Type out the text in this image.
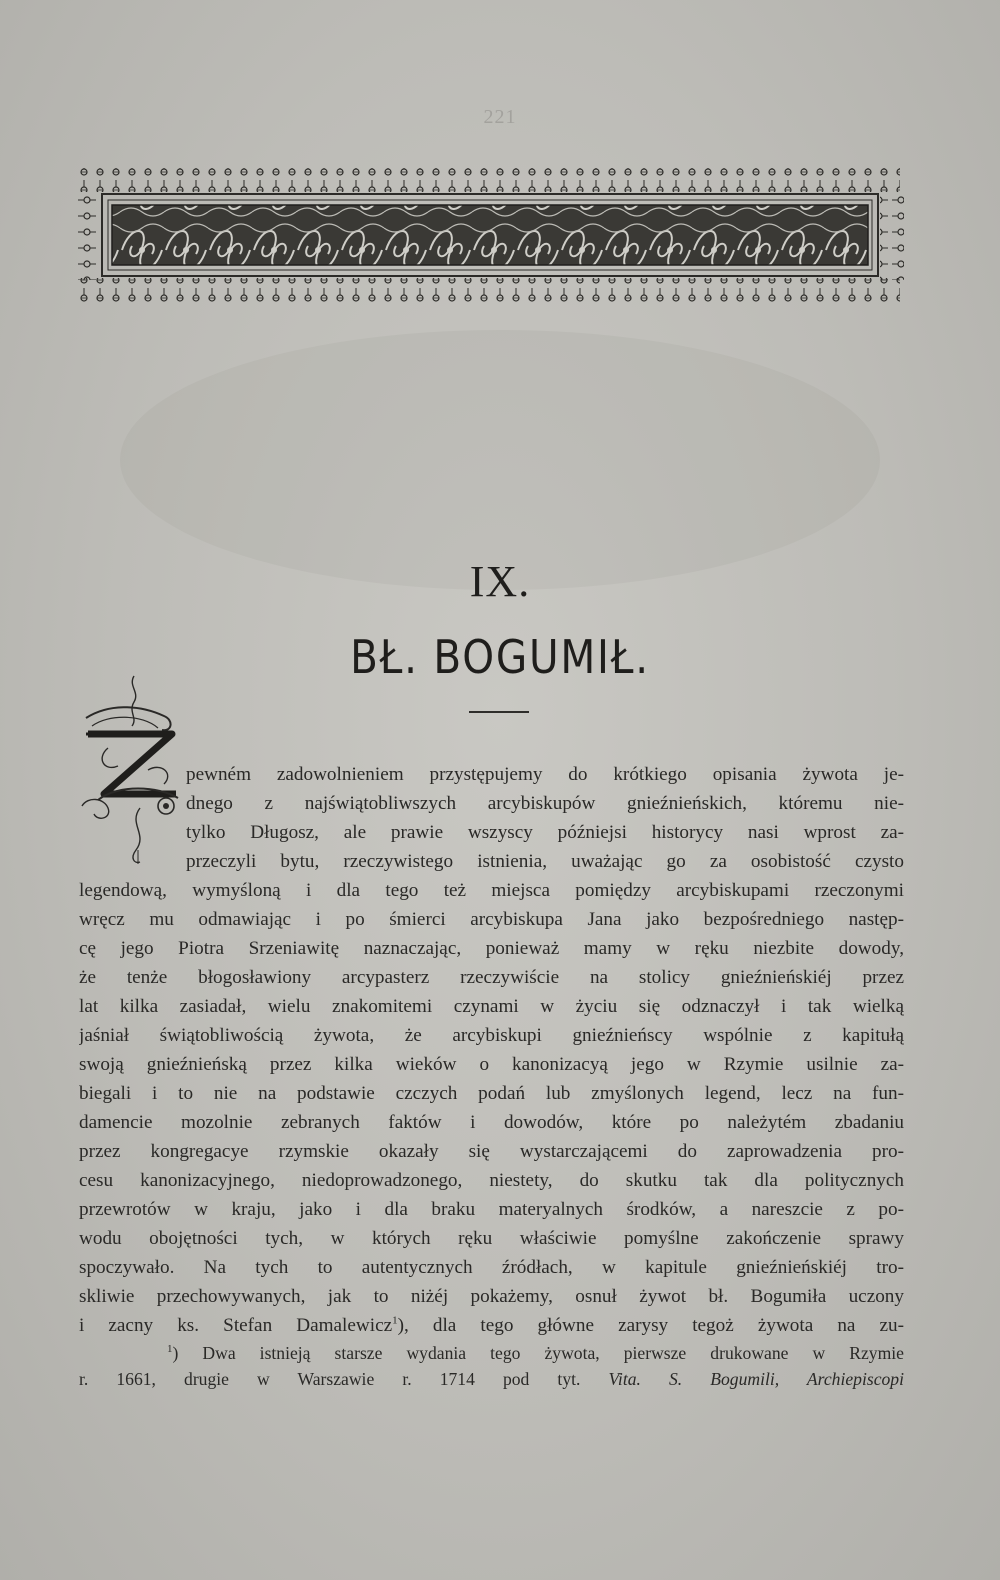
221
IX.
BŁ. BOGUMIŁ.
pewném zadowolnieniem przystępujemy do krótkiego opisania żywota je-
dnego z najświątobliwszych arcybiskupów gnieźnieńskich, któremu nie-
tylko Długosz, ale prawie wszyscy późniejsi historycy nasi wprost za-
przeczyli bytu, rzeczywistego istnienia, uważając go za osobistość czysto
legendową, wymyśloną i dla tego też miejsca pomiędzy arcybiskupami rzeczonymi
wręcz mu odmawiając i po śmierci arcybiskupa Jana jako bezpośredniego następ-
cę jego Piotra Srzeniawitę naznaczając, ponieważ mamy w ręku niezbite dowody,
że tenże błogosławiony arcypasterz rzeczywiście na stolicy gnieźnieńskiéj przez
lat kilka zasiadał, wielu znakomitemi czynami w życiu się odznaczył i tak wielką
jaśniał świątobliwością żywota, że arcybiskupi gnieźnieńscy wspólnie z kapitułą
swoją gnieźnieńską przez kilka wieków o kanonizacyą jego w Rzymie usilnie za-
biegali i to nie na podstawie czczych podań lub zmyślonych legend, lecz na fun-
damencie mozolnie zebranych faktów i dowodów, które po należytém zbadaniu
przez kongregacye rzymskie okazały się wystarczającemi do zaprowadzenia pro-
cesu kanonizacyjnego, niedoprowadzonego, niestety, do skutku tak dla politycznych
przewrotów w kraju, jako i dla braku materyalnych środków, a nareszcie z po-
wodu obojętności tych, w których ręku właściwie pomyślne zakończenie sprawy
spoczywało. Na tych to autentycznych źródłach, w kapitule gnieźnieńskiéj tro-
skliwie przechowywanych, jak to niżéj pokażemy, osnuł żywot bł. Bogumiła uczony
i zacny ks. Stefan Damalewicz$^1$), dla tego główne zarysy tegoż żywota na zu-
$^1$) Dwa istnieją starsze wydania tego żywota, pierwsze drukowane w Rzymie
r. 1661, drugie w Warszawie r. 1714 pod tyt. Vita. S. Bogumili, Archiepiscopi
